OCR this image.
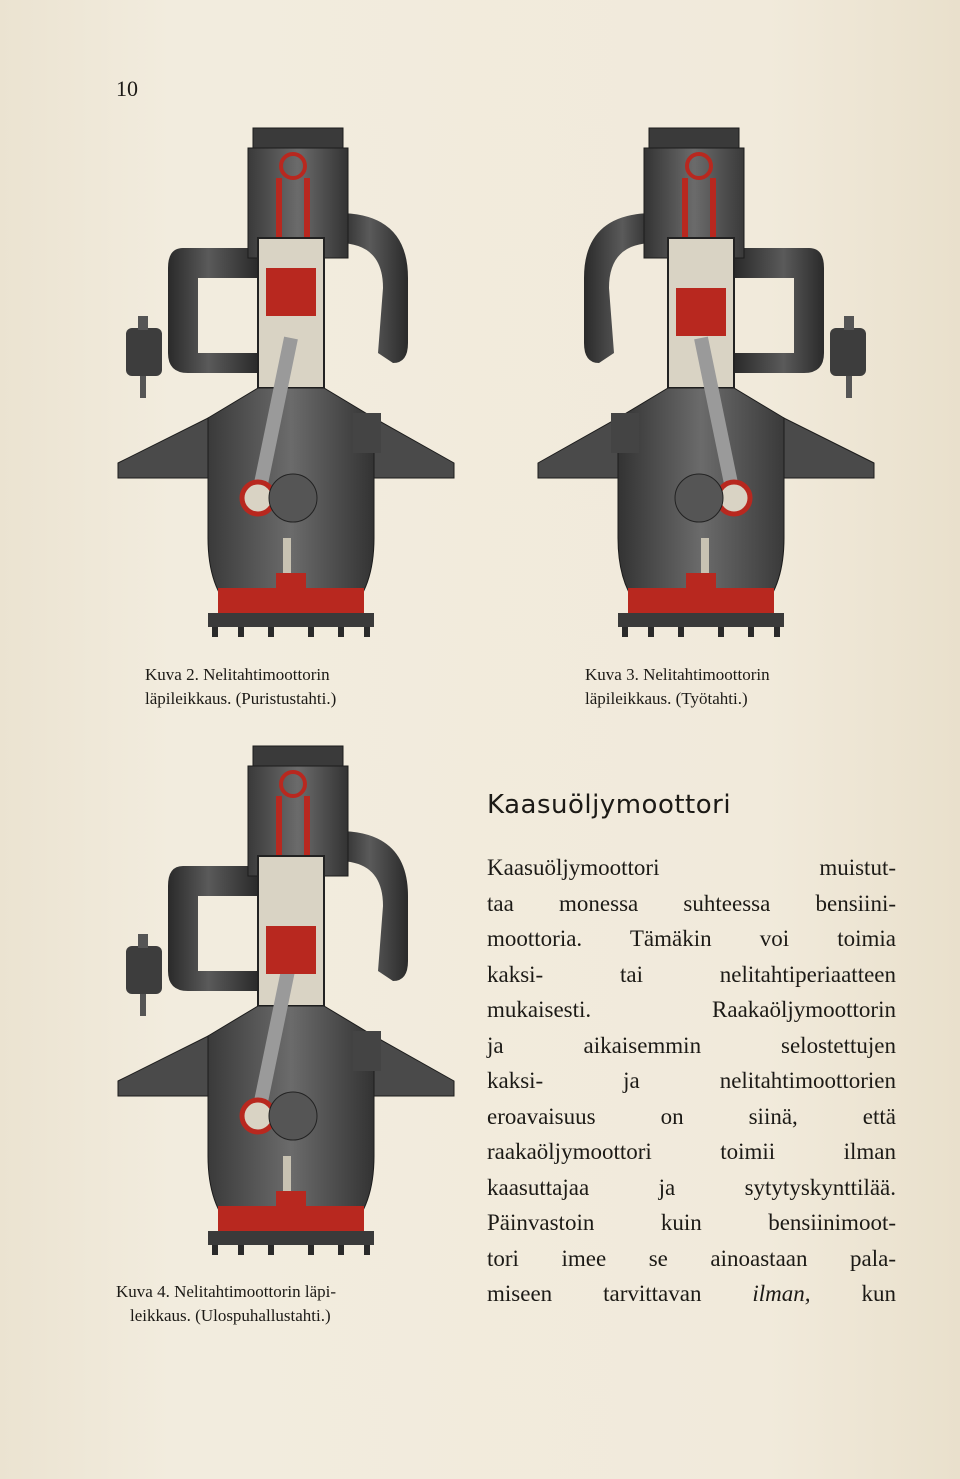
10
Kuva 2. Nelitahtimoottorin
läpileikkaus. (Puristustahti.)
Kuva 3. Nelitahtimoottorin
läpileikkaus. (Työtahti.)
Kuva 4. Nelitahtimoottorin läpi-
leikkaus. (Ulospuhallustahti.)
Kaasuöljymoottori
Kaasuöljymoottori muistut-
taa monessa suhteessa bensiini-
moottoria. Tämäkin voi toimia
kaksi- tai nelitahtiperiaatteen
mukaisesti. Raakaöljymoottorin
ja aikaisemmin selostettujen
kaksi- ja nelitahtimoottorien
eroavaisuus on siinä, että
raakaöljymoottori toimii ilman
kaasuttajaa ja sytytyskynttilää.
Päinvastoin kuin bensiinimoot-
tori imee se ainoastaan pala-
miseen tarvittavan ilman, kun
